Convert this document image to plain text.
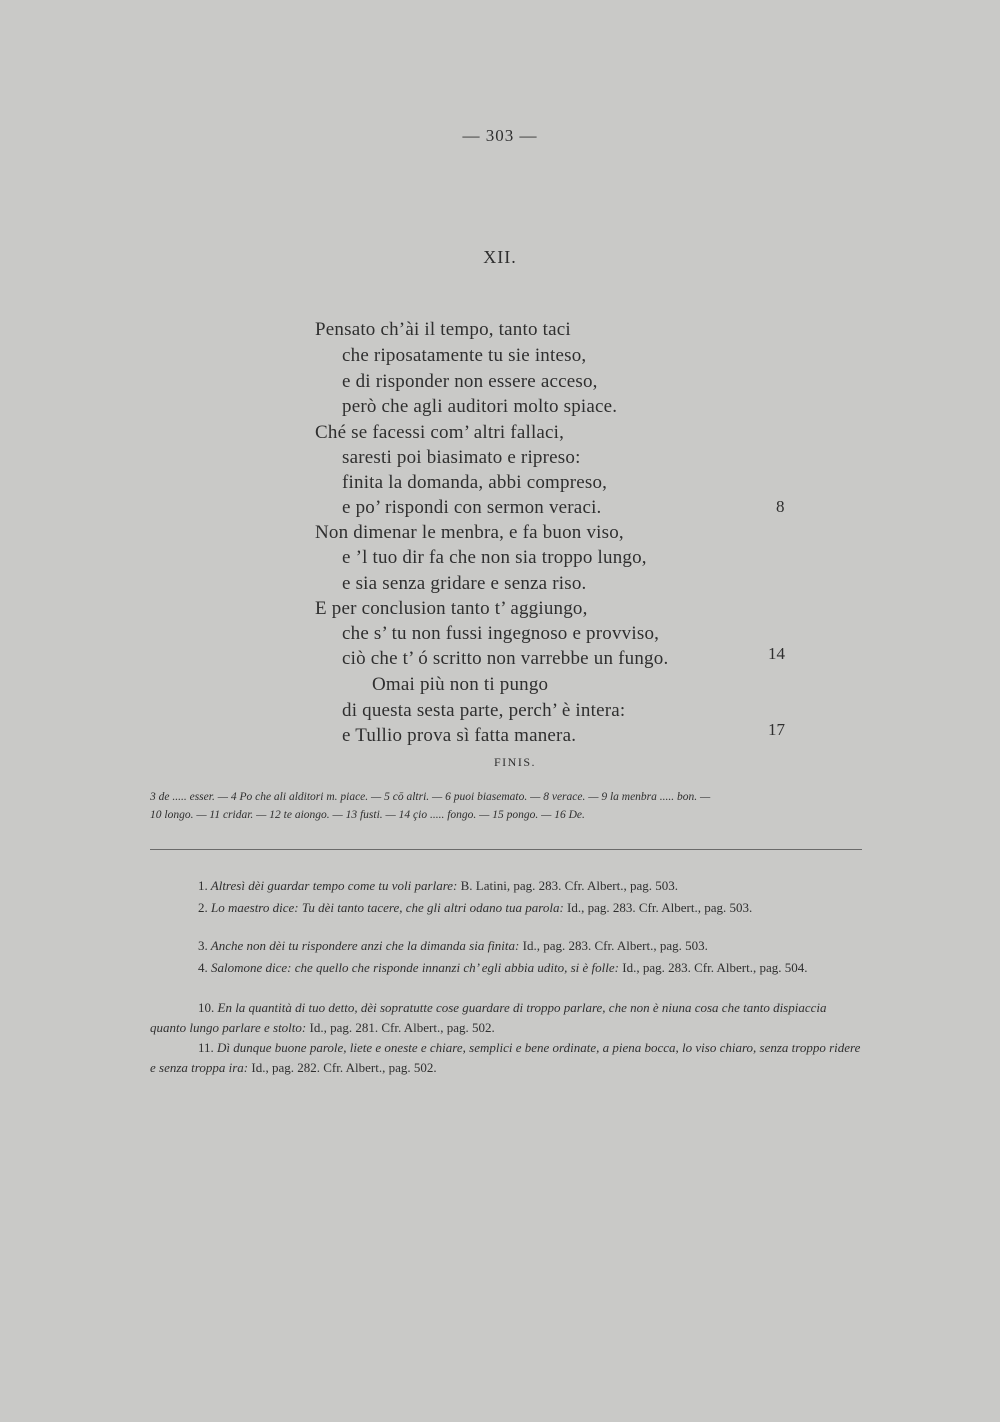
— 303 —
XII.
Pensato ch’ài il tempo, tanto taci
che riposatamente tu sie inteso,
e di risponder non essere acceso,
però che agli auditori molto spiace.
Ché se facessi com’ altri fallaci,
saresti poi biasimato e ripreso:
finita la domanda, abbi compreso,
e po’ rispondi con sermon veraci.
Non dimenar le menbra, e fa buon viso,
e ’l tuo dir fa che non sia troppo lungo,
e sia senza gridare e senza riso.
E per conclusion tanto t’ aggiungo,
che s’ tu non fussi ingegnoso e provviso,
ciò che t’ ó scritto non varrebbe un fungo.
Omai più non ti pungo
di questa sesta parte, perch’ è intera:
e Tullio prova sì fatta manera.
8
14
17
FINIS.
3 de ..... esser. — 4 Po che ali alditori m. piace. — 5 cō altri. — 6 puoi biasemato. — 8 verace. — 9 la menbra ..... bon. —
10 longo. — 11 cridar. — 12 te aiongo. — 13 fusti. — 14 çio ..... fongo. — 15 pongo. — 16 De.
1. Altresì dèi guardar tempo come tu voli parlare: B. Latini, pag. 283. Cfr. Albert., pag. 503.
2. Lo maestro dice: Tu dèi tanto tacere, che gli altri odano tua parola: Id., pag. 283. Cfr. Albert., pag. 503.
3. Anche non dèi tu rispondere anzi che la dimanda sia finita: Id., pag. 283. Cfr. Albert., pag. 503.
4. Salomone dice: che quello che risponde innanzi ch’ egli abbia udito, si è folle: Id., pag. 283. Cfr. Albert., pag. 504.
10. En la quantità di tuo detto, dèi sopratutte cose guardare di troppo parlare, che non è niuna cosa che tanto dispiaccia quanto lungo parlare e stolto: Id., pag. 281. Cfr. Albert., pag. 502.
11. Dì dunque buone parole, liete e oneste e chiare, semplici e bene ordinate, a piena bocca, lo viso chiaro, senza troppo ridere e senza troppa ira: Id., pag. 282. Cfr. Albert., pag. 502.
